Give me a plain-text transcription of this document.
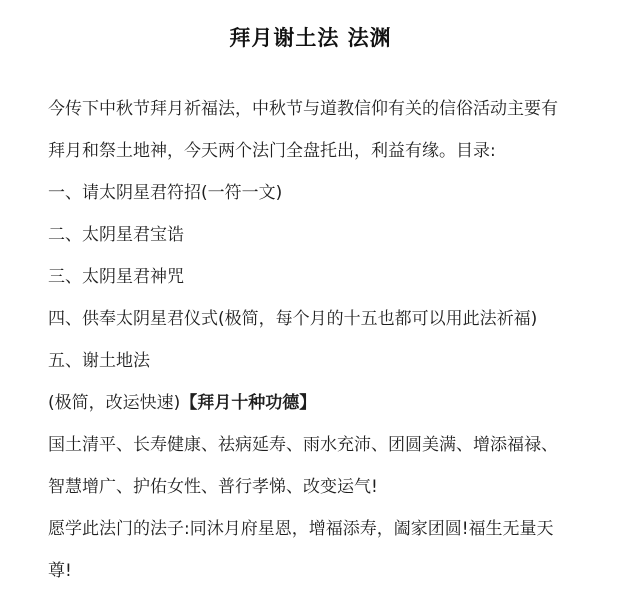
拜月谢土法 法渊
今传下中秋节拜月祈福法，中秋节与道教信仰有关的信俗活动主要有
拜月和祭土地神，今天两个法门全盘托出，利益有缘。目录:
一、请太阴星君符招(一符一文)
二、太阴星君宝诰
三、太阴星君神咒
四、供奉太阴星君仪式(极简，每个月的十五也都可以用此法祈福)
五、谢土地法
(极简，改运快速)【拜月十种功德】
国土清平、长寿健康、祛病延寿、雨水充沛、团圆美满、增添福禄、
智慧增广、护佑女性、普行孝悌、改变运气!
愿学此法门的法子:同沐月府星恩，增福添寿，阖家团圆!福生无量天
尊!
